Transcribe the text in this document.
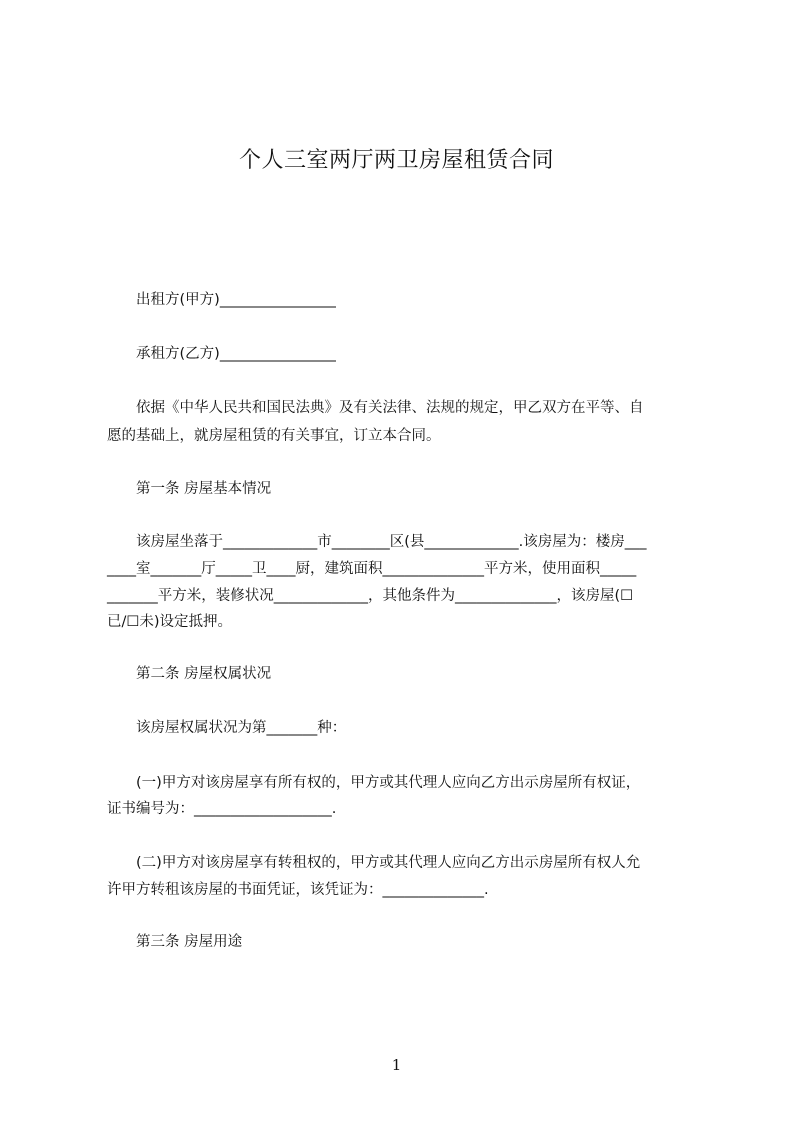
个人三室两厅两卫房屋租赁合同
出租方(甲方)________________
承租方(乙方)________________
依据《中华人民共和国民法典》及有关法律、法规的规定，甲乙双方在平等、自
愿的基础上，就房屋租赁的有关事宜，订立本合同。
第一条 房屋基本情况
该房屋坐落于_____________市________区(县_____________.该房屋为：楼房___
____室_______厅_____卫____厨，建筑面积______________平方米，使用面积_____
_______平方米，装修状况_____________，其他条件为______________，该房屋(☐
已/☐未)设定抵押。
第二条 房屋权属状况
该房屋权属状况为第_______种：
(一)甲方对该房屋享有所有权的，甲方或其代理人应向乙方出示房屋所有权证，
证书编号为：___________________.
(二)甲方对该房屋享有转租权的，甲方或其代理人应向乙方出示房屋所有权人允
许甲方转租该房屋的书面凭证，该凭证为：______________.
第三条 房屋用途
1
